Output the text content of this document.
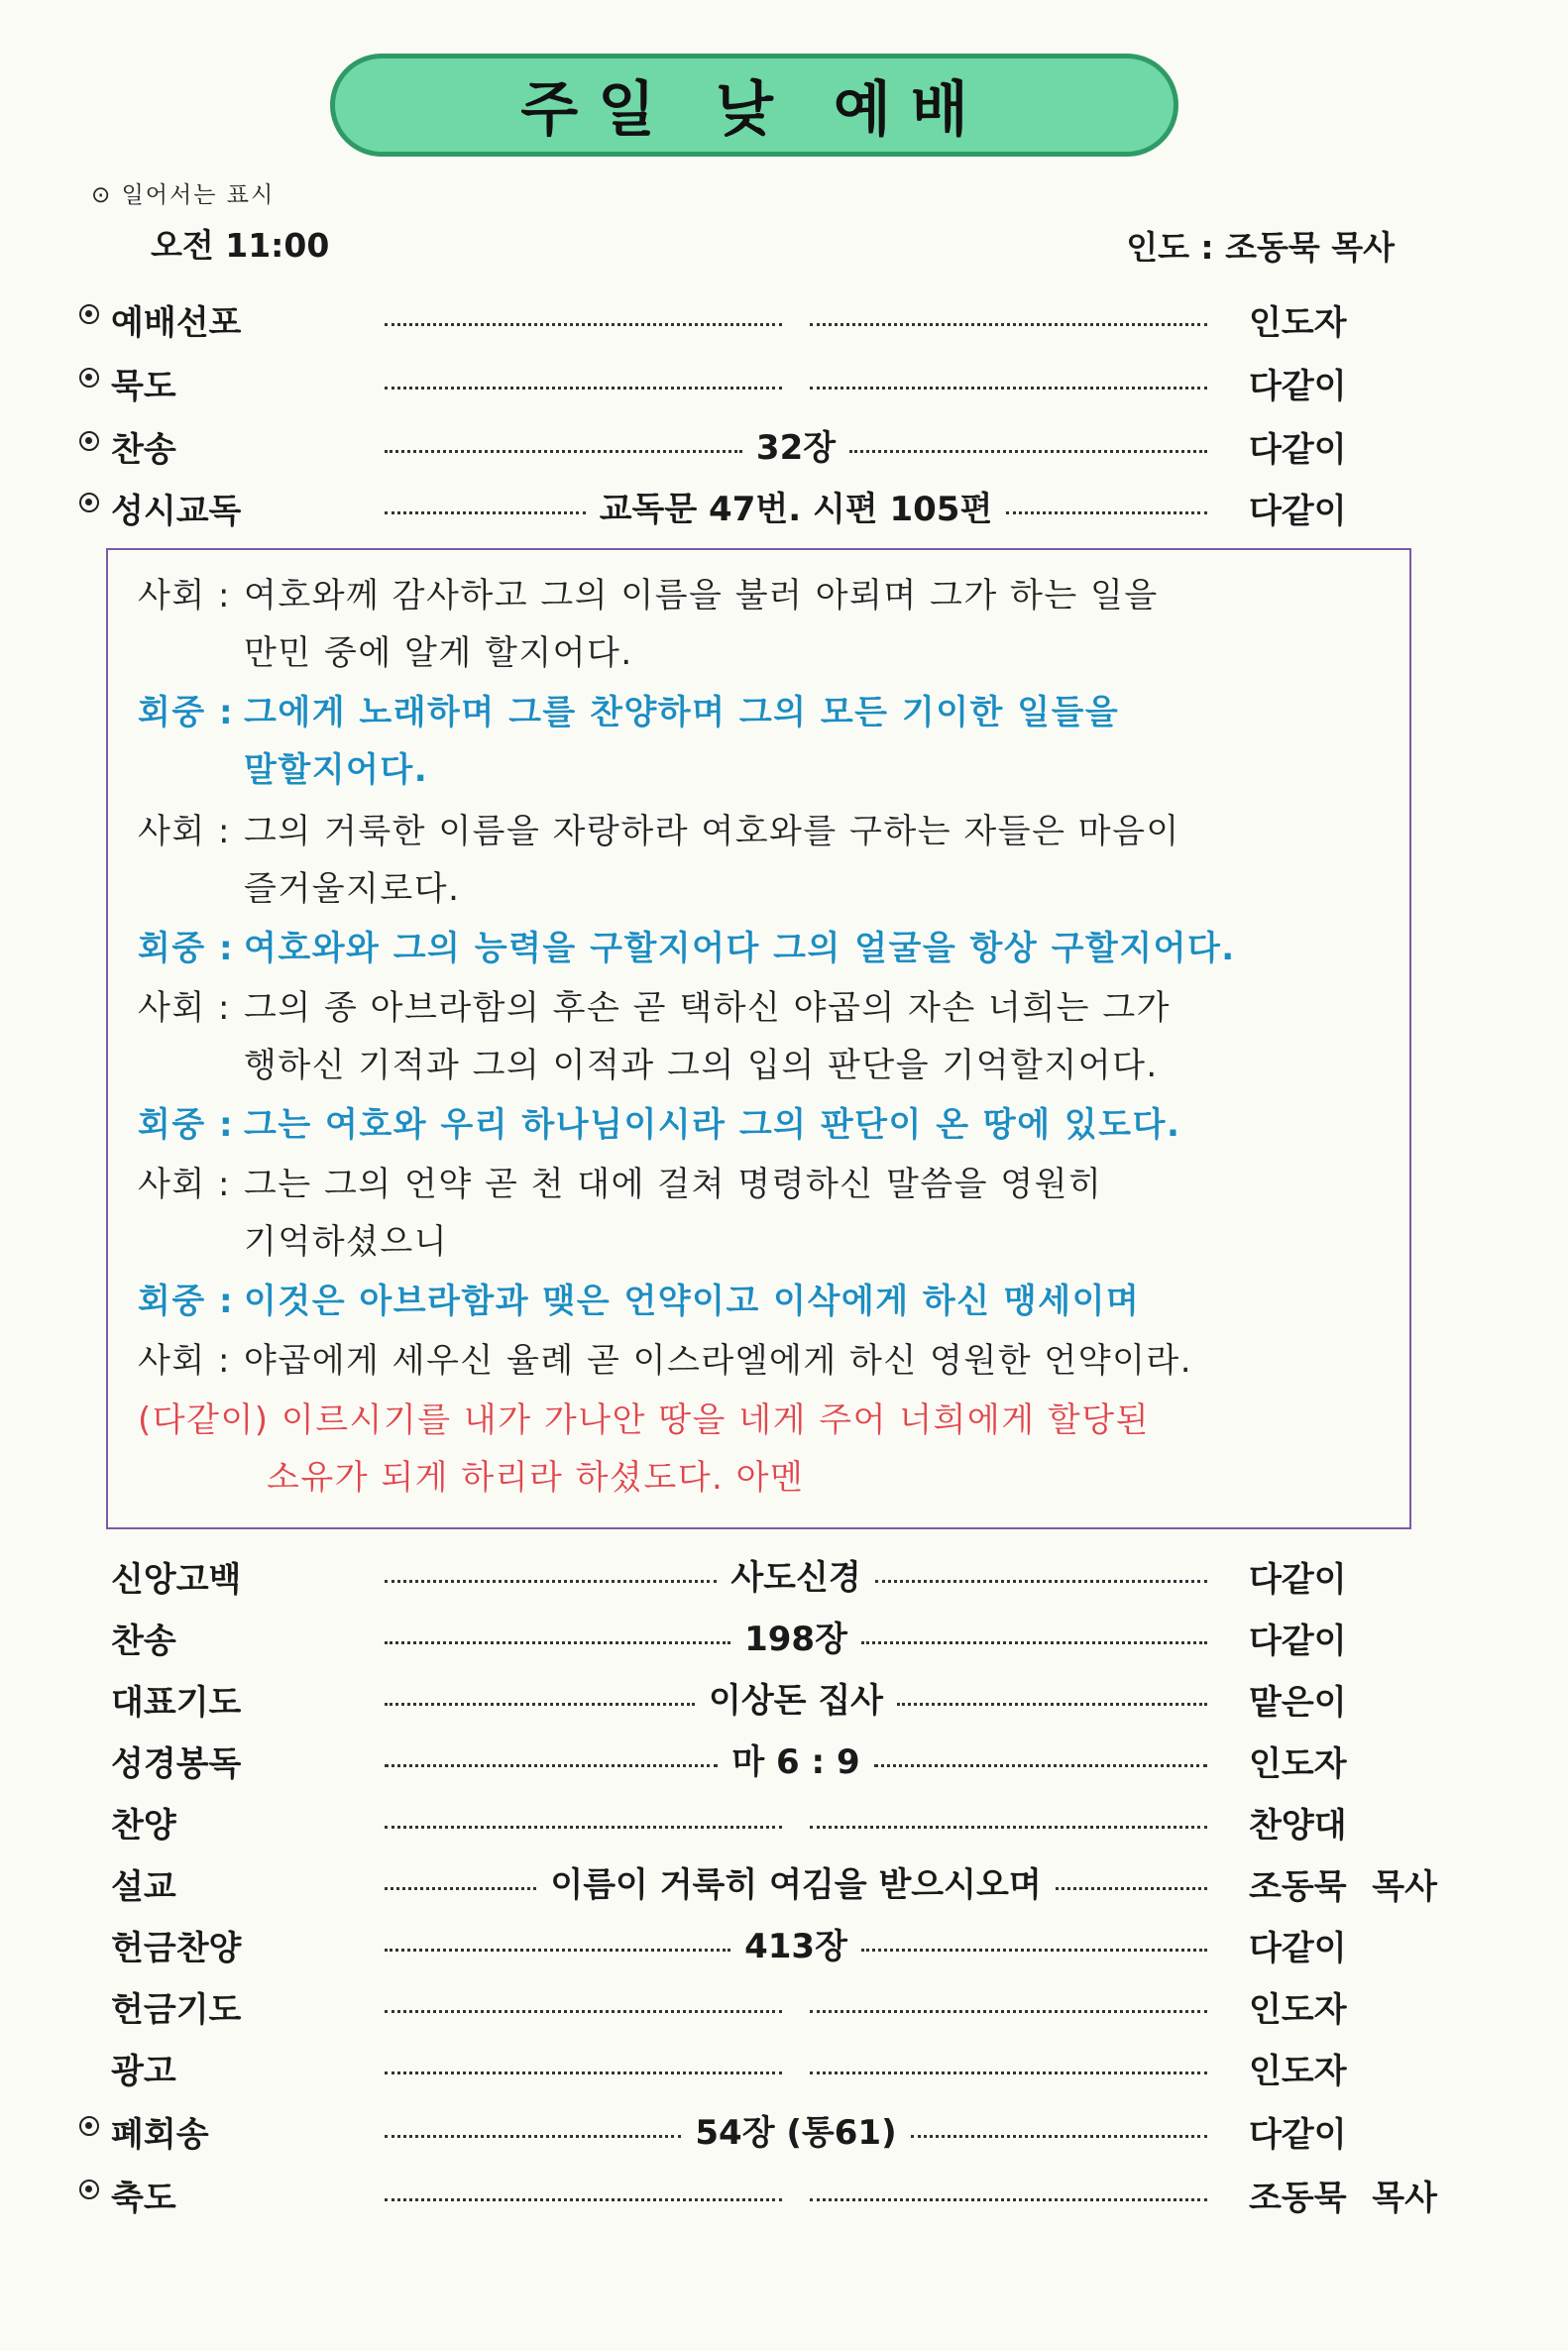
주일 낮 예배
⊙ 일어서는 표시
오전 11:00	인도 : 조동묵 목사
예배선포	인도자
묵도	다같이
찬송	32장	다같이
성시교독	교독문 47번. 시편 105편	다같이
사회 : 여호와께 감사하고 그의 이름을 불러 아뢰며 그가 하는 일을
만민 중에 알게 할지어다.
회중 : 그에게 노래하며 그를 찬양하며 그의 모든 기이한 일들을
말할지어다.
사회 : 그의 거룩한 이름을 자랑하라 여호와를 구하는 자들은 마음이
즐거울지로다.
회중 : 여호와와 그의 능력을 구할지어다 그의 얼굴을 항상 구할지어다.
사회 : 그의 종 아브라함의 후손 곧 택하신 야곱의 자손 너희는 그가
행하신 기적과 그의 이적과 그의 입의 판단을 기억할지어다.
회중 : 그는 여호와 우리 하나님이시라 그의 판단이 온 땅에 있도다.
사회 : 그는 그의 언약 곧 천 대에 걸쳐 명령하신 말씀을 영원히
기억하셨으니
회중 : 이것은 아브라함과 맺은 언약이고 이삭에게 하신 맹세이며
사회 : 야곱에게 세우신 율례 곧 이스라엘에게 하신 영원한 언약이라.
(다같이) 이르시기를 내가 가나안 땅을 네게 주어 너희에게 할당된
소유가 되게 하리라 하셨도다. 아멘
신앙고백	사도신경	다같이
찬송	198장	다같이
대표기도	이상돈 집사	맡은이
성경봉독	마 6 : 9	인도자
찬양	찬양대
설교	이름이 거룩히 여김을 받으시오며	조동묵 목사
헌금찬양	413장	다같이
헌금기도	인도자
광고	인도자
폐회송	54장 (통61)	다같이
축도	조동묵 목사
